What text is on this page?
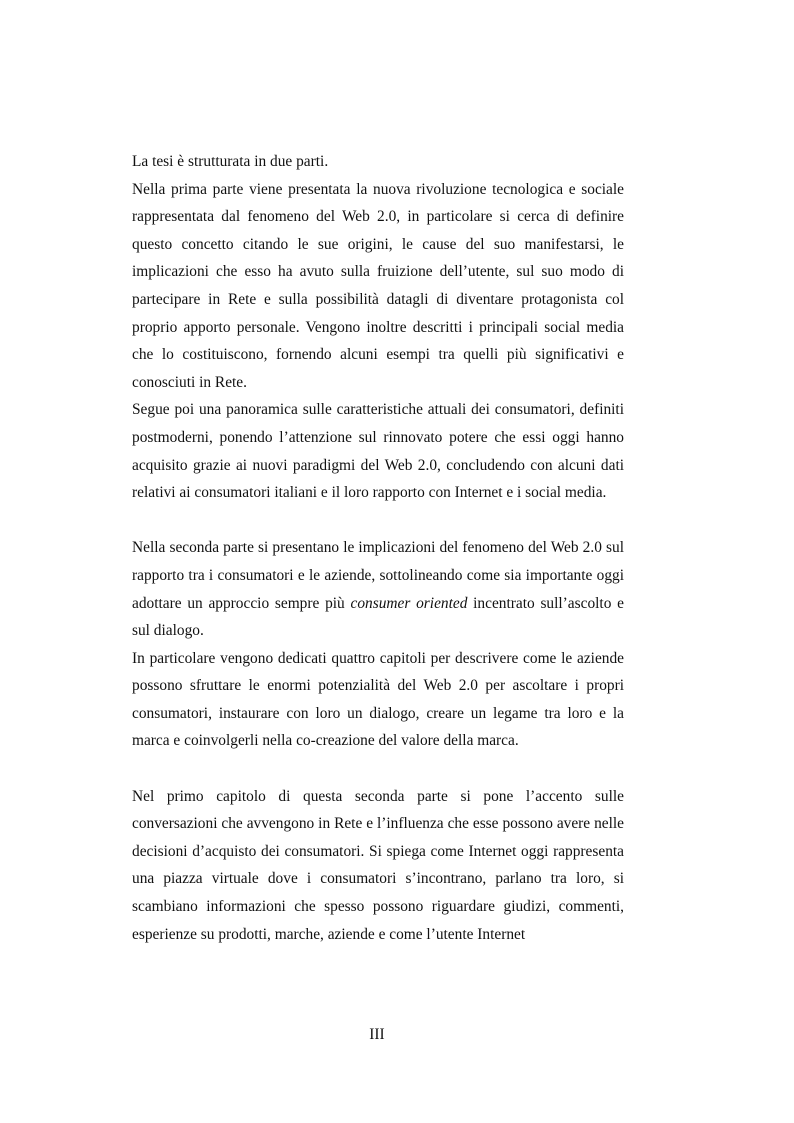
La tesi è strutturata in due parti.

Nella prima parte viene presentata la nuova rivoluzione tecnologica e sociale rappresentata dal fenomeno del Web 2.0, in particolare si cerca di definire questo concetto citando le sue origini, le cause del suo manifestarsi, le implicazioni che esso ha avuto sulla fruizione dell’utente, sul suo modo di partecipare in Rete e sulla possibilità datagli di diventare protagonista col proprio apporto personale. Vengono inoltre descritti i principali social media che lo costituiscono, fornendo alcuni esempi tra quelli più significativi e conosciuti in Rete.

Segue poi una panoramica sulle caratteristiche attuali dei consumatori, definiti postmoderni, ponendo l’attenzione sul rinnovato potere che essi oggi hanno acquisito grazie ai nuovi paradigmi del Web 2.0, concludendo con alcuni dati relativi ai consumatori italiani e il loro rapporto con Internet e i social media.

Nella seconda parte si presentano le implicazioni del fenomeno del Web 2.0 sul rapporto tra i consumatori e le aziende, sottolineando come sia importante oggi adottare un approccio sempre più consumer oriented incentrato sull’ascolto e sul dialogo.

In particolare vengono dedicati quattro capitoli per descrivere come le aziende possono sfruttare le enormi potenzialità del Web 2.0 per ascoltare i propri consumatori, instaurare con loro un dialogo, creare un legame tra loro e la marca e coinvolgerli nella co-creazione del valore della marca.

Nel primo capitolo di questa seconda parte si pone l’accento sulle conversazioni che avvengono in Rete e l’influenza che esse possono avere nelle decisioni d’acquisto dei consumatori. Si spiega come Internet oggi rappresenta una piazza virtuale dove i consumatori s’incontrano, parlano tra loro, si scambiano informazioni che spesso possono riguardare giudizi, commenti, esperienze su prodotti, marche, aziende e come l’utente Internet

III
